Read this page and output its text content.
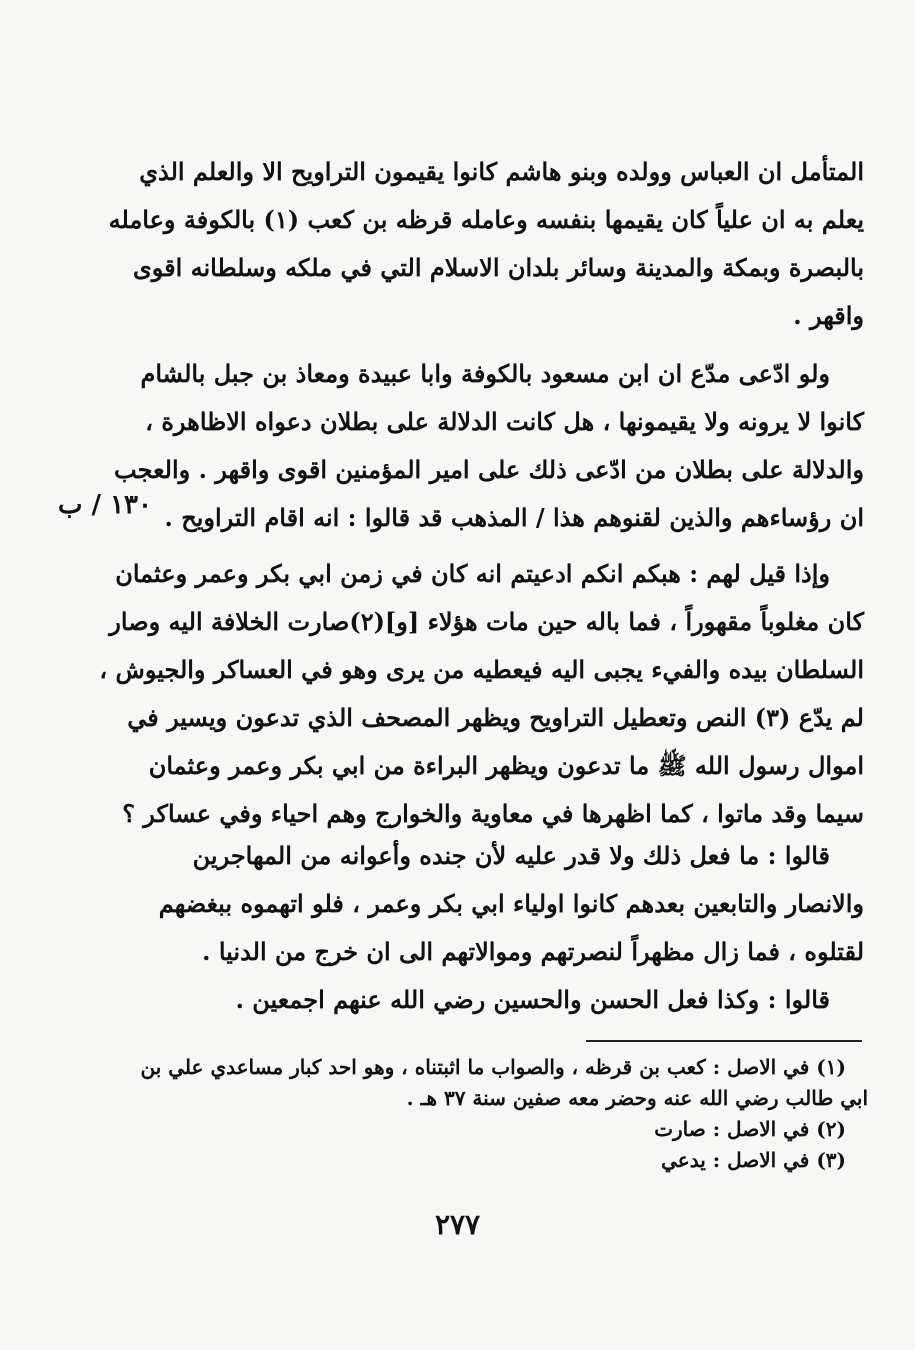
١٣٠ / ب
المتأمل ان العباس وولده وبنو هاشم كانوا يقيمون التراويح الا والعلم الذي
يعلم به ان علياً كان يقيمها بنفسه وعامله قرظه بن كعب (١) بالكوفة وعامله
بالبصرة وبمكة والمدينة وسائر بلدان الاسلام التي في ملكه وسلطانه اقوى
واقهر .
ولو ادّعى مدّع ان ابن مسعود بالكوفة وابا عبيدة ومعاذ بن جبل بالشام
كانوا لا يرونه ولا يقيمونها ، هل كانت الدلالة على بطلان دعواه الاظاهرة ،
والدلالة على بطلان من ادّعى ذلك على امير المؤمنين اقوى واقهر . والعجب
ان رؤساءهم والذين لقنوهم هذا / المذهب قد قالوا : انه اقام التراويح .
وإذا قيل لهم : هبكم انكم ادعيتم انه كان في زمن ابي بكر وعمر وعثمان
كان مغلوباً مقهوراً ، فما باله حين مات هؤلاء [و](٢)صارت الخلافة اليه وصار
السلطان بيده والفيء يجبى اليه فيعطيه من يرى وهو في العساكر والجيوش ،
لم يدّع (٣) النص وتعطيل التراويح ويظهر المصحف الذي تدعون ويسير في
اموال رسول الله ﷺ ما تدعون ويظهر البراءة من ابي بكر وعمر وعثمان
سيما وقد ماتوا ، كما اظهرها في معاوية والخوارج وهم احياء وفي عساكر ؟
قالوا : ما فعل ذلك ولا قدر عليه لأن جنده وأعوانه من المهاجرين
والانصار والتابعين بعدهم كانوا اولياء ابي بكر وعمر ، فلو اتهموه ببغضهم
لقتلوه ، فما زال مظهراً لنصرتهم وموالاتهم الى ان خرج من الدنيا .
قالوا : وكذا فعل الحسن والحسين رضي الله عنهم اجمعين .
(١) في الاصل : كعب بن قرظه ، والصواب ما اثبتناه ، وهو احد كبار مساعدي علي بن
ابي طالب رضي الله عنه وحضر معه صفين سنة ٣٧ هـ .
(٢) في الاصل : صارت
(٣) في الاصل : يدعي
٢٧٧
